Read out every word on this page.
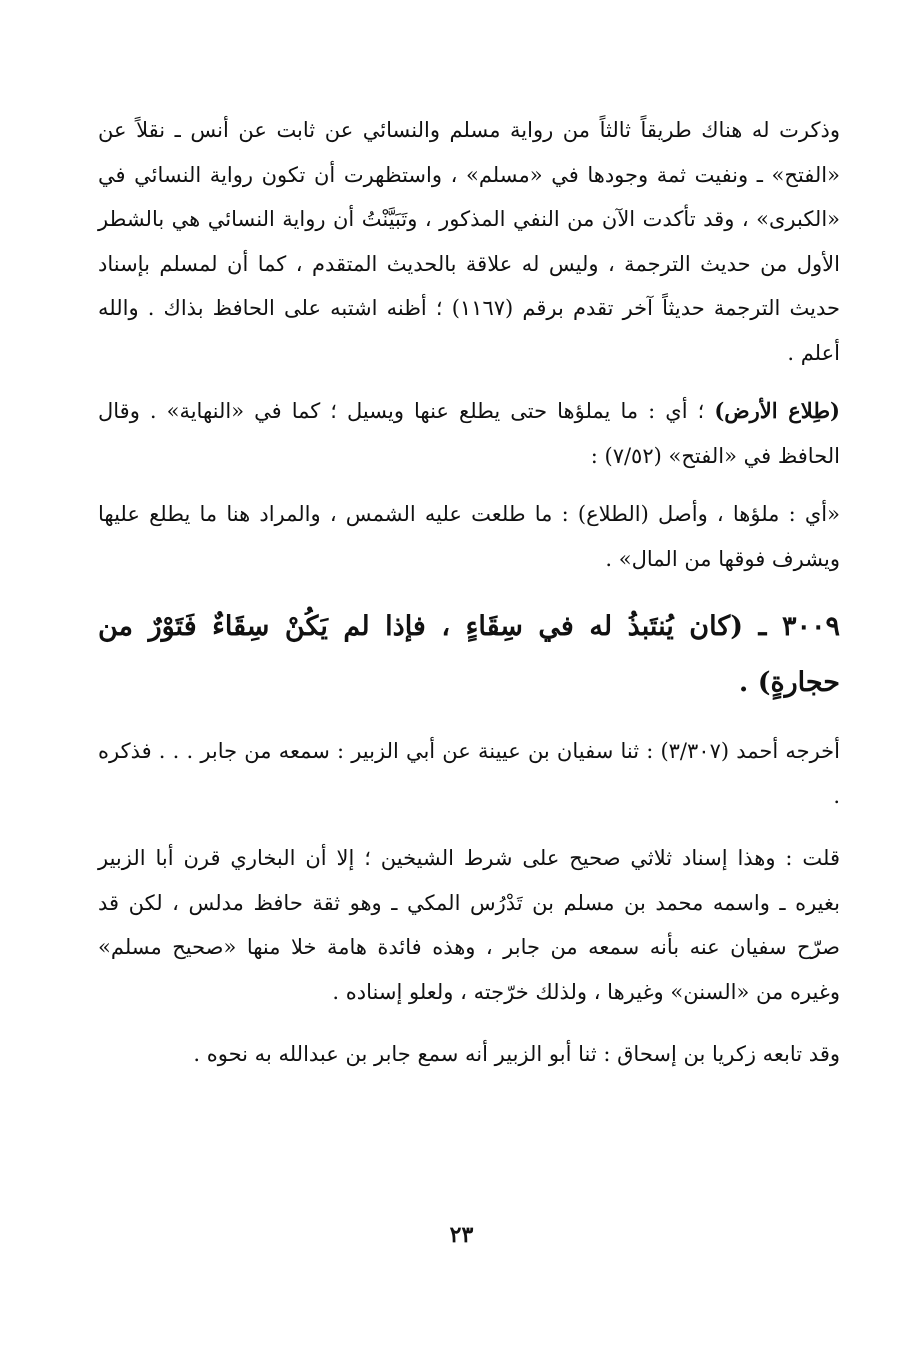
وذكرت له هناك طريقاً ثالثاً من رواية مسلم والنسائي عن ثابت عن أنس ـ نقلاً عن «الفتح» ـ ونفيت ثمة وجودها في «مسلم» ، واستظهرت أن تكون رواية النسائي في «الكبرى» ، وقد تأكدت الآن من النفي المذكور ، وتَبَيَّنْتُ أن رواية النسائي هي بالشطر الأول من حديث الترجمة ، وليس له علاقة بالحديث المتقدم ، كما أن لمسلم بإسناد حديث الترجمة حديثاً آخر تقدم برقم (١١٦٧) ؛ أظنه اشتبه على الحافظ بذاك . والله أعلم .

(طِلاع الأرض) ؛ أي : ما يملؤها حتى يطلع عنها ويسيل ؛ كما في «النهاية» . وقال الحافظ في «الفتح» (٧/٥٢) :

«أي : ملؤها ، وأصل (الطلاع) : ما طلعت عليه الشمس ، والمراد هنا ما يطلع عليها ويشرف فوقها من المال» .

٣٠٠٩ ـ (كان يُنتَبذُ له في سِقَاءٍ ، فإذا لم يَكُنْ سِقَاءٌ فَتَوْرٌ من حجارةٍ) .

أخرجه أحمد (٣/٣٠٧) : ثنا سفيان بن عيينة عن أبي الزبير : سمعه من جابر . . . فذكره .

قلت : وهذا إسناد ثلاثي صحيح على شرط الشيخين ؛ إلا أن البخاري قرن أبا الزبير بغيره ـ واسمه محمد بن مسلم بن تَدْرُس المكي ـ وهو ثقة حافظ مدلس ، لكن قد صرّح سفيان عنه بأنه سمعه من جابر ، وهذه فائدة هامة خلا منها «صحيح مسلم» وغيره من «السنن» وغيرها ، ولذلك خرّجته ، ولعلو إسناده .

وقد تابعه زكريا بن إسحاق : ثنا أبو الزبير أنه سمع جابر بن عبدالله به نحوه .

٢٣
